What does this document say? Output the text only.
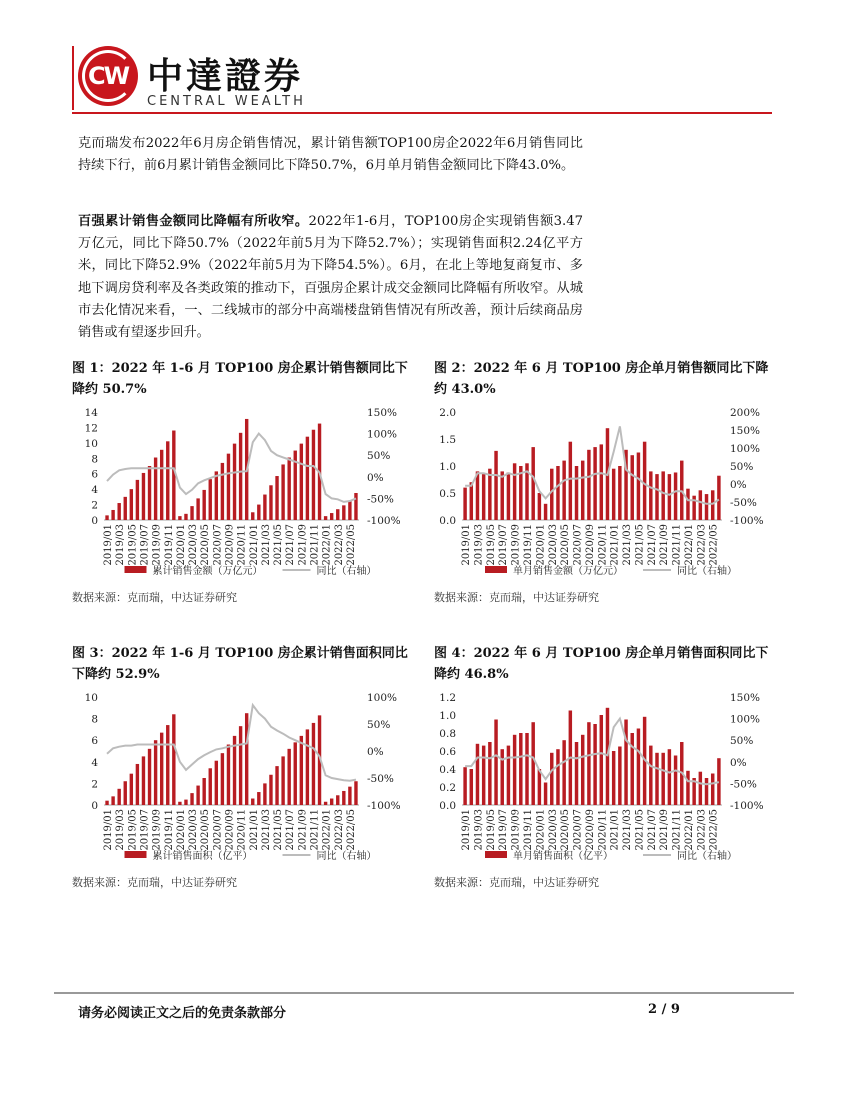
CW 中達證券
CENTRAL WEALTH
克而瑞发布2022年6月房企销售情况，累计销售额TOP100房企2022年6月销售同比持续下行，前6月累计销售金额同比下降50.7%，6月单月销售金额同比下降43.0%。
百强累计销售金额同比降幅有所收窄。2022年1-6月，TOP100房企实现销售额3.47万亿元，同比下降50.7%（2022年前5月为下降52.7%）；实现销售面积2.24亿平方米，同比下降52.9%（2022年前5月为下降54.5%）。6月，在北上等地复商复市、多地下调房贷利率及各类政策的推动下，百强房企累计成交金额同比降幅有所收窄。从城市去化情况来看，一、二线城市的部分中高端楼盘销售情况有所改善，预计后续商品房销售或有望逐步回升。
图 1：2022 年 1-6 月 TOP100 房企累计销售额同比下降约 50.7%
0
2
4
6
8
10
12
14
-100%
-50%
0%
50%
100%
150%
2019/01 2019/03 2019/05 2019/07 2019/09 2019/11 2020/01 2020/03 2020/05 2020/07 2020/09 2020/11 2021/01 2021/03 2021/05 2021/07 2021/09 2021/11 2022/01 2022/03 2022/05
累计销售金额（万亿元）	同比（右轴）
数据来源：克而瑞，中达证券研究
图 2：2022 年 6 月 TOP100 房企单月销售额同比下降约 43.0%
0.0
0.5
1.0
1.5
2.0
-100%
-50%
0%
50%
100%
150%
200%
2019/01 2019/03 2019/05 2019/07 2019/09 2019/11 2020/01 2020/03 2020/05 2020/07 2020/09 2020/11 2021/01 2021/03 2021/05 2021/07 2021/09 2021/11 2022/01 2022/03 2022/05
单月销售金额（万亿元）	同比（右轴）
数据来源：克而瑞，中达证券研究
图 3：2022 年 1-6 月 TOP100 房企累计销售面积同比下降约 52.9%
0
2
4
6
8
10
-100%
-50%
0%
50%
100%
2019/01 2019/03 2019/05 2019/07 2019/09 2019/11 2020/01 2020/03 2020/05 2020/07 2020/09 2020/11 2021/01 2021/03 2021/05 2021/07 2021/09 2021/11 2022/01 2022/03 2022/05
累计销售面积（亿平）	同比（右轴）
数据来源：克而瑞，中达证券研究
图 4：2022 年 6 月 TOP100 房企单月销售面积同比下降约 46.8%
0.0
0.2
0.4
0.6
0.8
1.0
1.2
-100%
-50%
0%
50%
100%
150%
2019/01 2019/03 2019/05 2019/07 2019/09 2019/11 2020/01 2020/03 2020/05 2020/07 2020/09 2020/11 2021/01 2021/03 2021/05 2021/07 2021/09 2021/11 2022/01 2022/03 2022/05
单月销售面积（亿平）	同比（右轴）
数据来源：克而瑞，中达证券研究
请务必阅读正文之后的免责条款部分	2 / 9
